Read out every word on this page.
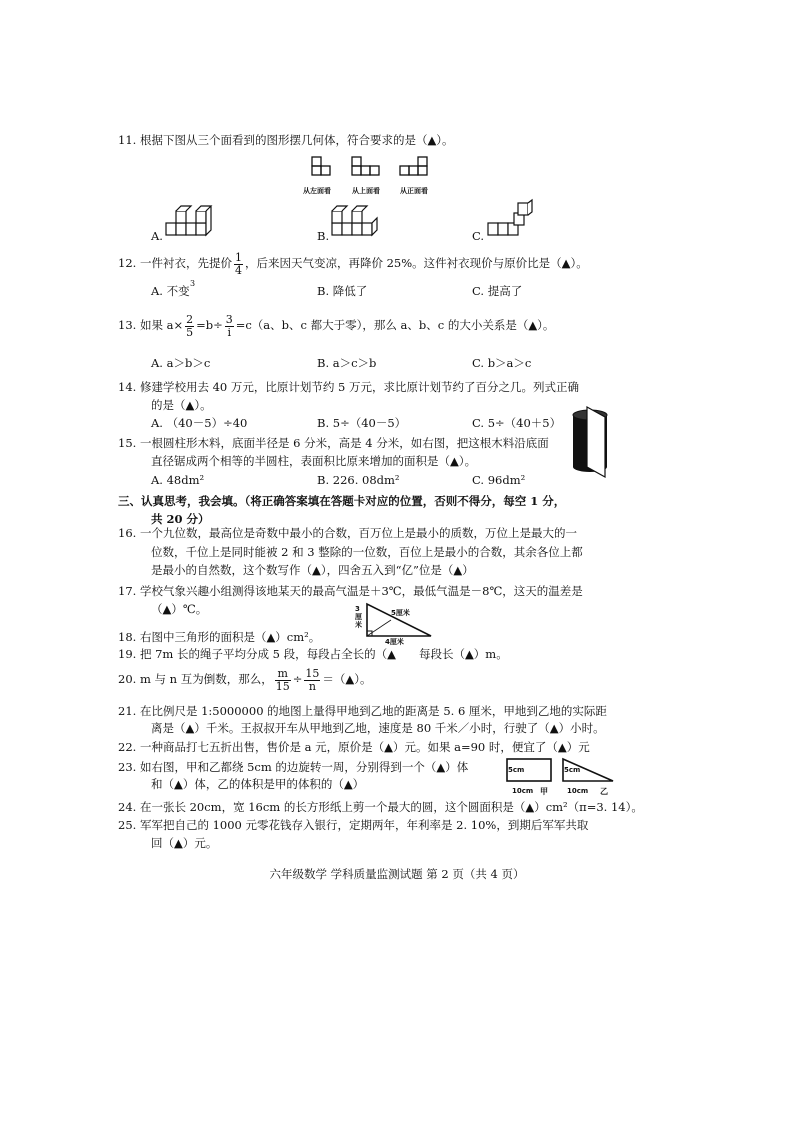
11. 根据下图从三个面看到的图形摆几何体，符合要求的是（▲）。
从左面看	从上面看	从正面看
A.	B.	C.
12. 一件衬衣，先提价 $\frac{1}{4}$ ，后来因天气变凉，再降价 25%。这件衬衣现价与原价比是（▲）。
A. 不变
3
B. 降低了	C. 提高了
13. 如果 $a\times \frac{2}{5} =b\div \frac{3}{i} =c(a$、b、c 都大于零），那么 a、b、c 的大小关系是（▲）。
A. a＞b＞c	B. a＞c＞b	C. b＞a＞c
14. 修建学校用去 40 万元，比原计划节约 5 万元，求比原计划节约了百分之几。列式正确
的是（▲）。
A. （40－5）÷40	B. 5÷（40－5）	C. 5÷（40＋5）
15. 一根圆柱形木料，底面半径是 6 分米，高是 4 分米，如右图，把这根木料沿底面
直径锯成两个相等的半圆柱，表面积比原来增加的面积是（▲）。
A. 48dm²	B. 226. 08dm²	C. 96dm²
三、认真思考，我会填。（将正确答案填在答题卡对应的位置，否则不得分，每空 1 分，
共 20 分）
16. 一个九位数，最高位是奇数中最小的合数，百万位上是最小的质数，万位上是最大的一
位数，千位上是同时能被 2 和 3 整除的一位数，百位上是最小的合数，其余各位上都
是最小的自然数，这个数写作（▲），四舍五入到“亿”位是（▲）
17. 学校气象兴趣小组测得该地某天的最高气温是＋3℃，最低气温是－8℃，这天的温差是
（▲）℃。	3厘米
5厘米
4厘米
18. 右图中三角形的面积是（▲）cm²。
19. 把 7m 长的绳子平均分成 5 段，每段占全长的（▲　　每段长（▲）m。
20. m 与 n 互为倒数，那么， $\frac{m}{15} \div \frac{15}{n}$ ＝（▲）。
21. 在比例尺是 1:5000000 的地图上量得甲地到乙地的距离是 5. 6 厘米，甲地到乙地的实际距
离是（▲）千米。王叔叔开车从甲地到乙地，速度是 80 千米／小时，行驶了（▲）小时。
22. 一种商品打七五折出售，售价是 a 元，原价是（▲）元。如果 a=90 时，便宜了（▲）元
23. 如右图，甲和乙都绕 5cm 的边旋转一周，分别得到一个（▲）体
和（▲）体，乙的体积是甲的体积的（▲）
5cm
10cm 甲
5cm
10cm 乙
24. 在一张长 20cm，宽 16cm 的长方形纸上剪一个最大的圆，这个圆面积是（▲）cm²（π=3. 14）。
25. 军军把自己的 1000 元零花钱存入银行，定期两年，年利率是 2. 10%，到期后军军共取
回（▲）元。
六年级数学 学科质量监测试题 第 2 页（共 4 页）
